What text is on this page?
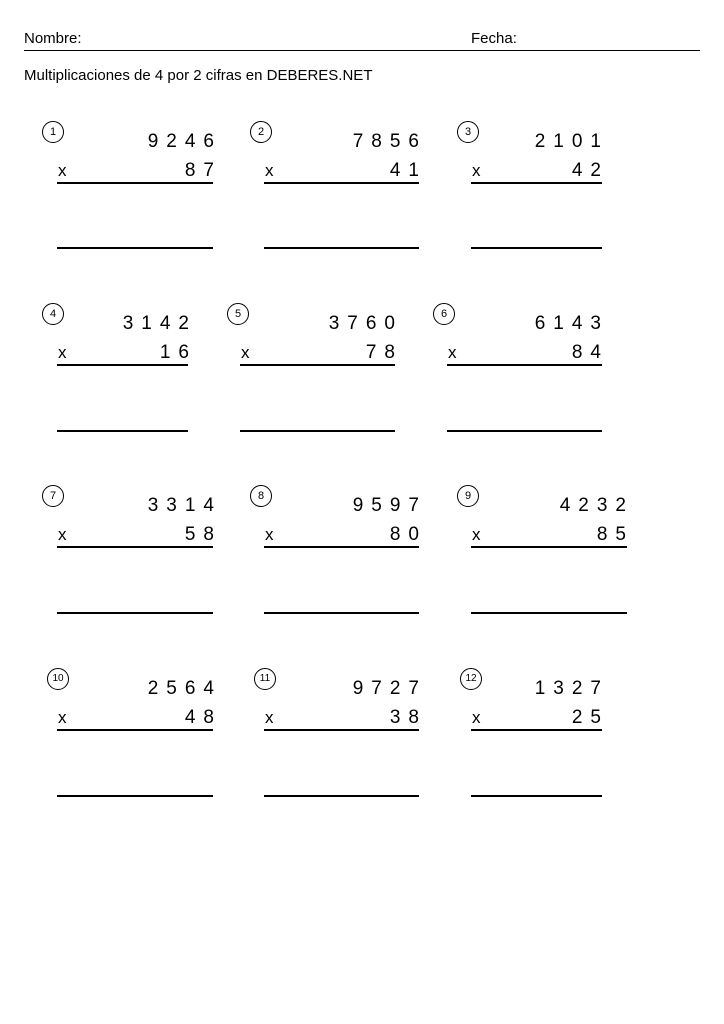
Nombre:	Fecha:
Multiplicaciones de 4 por 2 cifras en DEBERES.NET
1	9246
x	87
2	7856
x	41
3	2101
x	42
4	3142
x	16
5	3760
x	78
6	6143
x	84
7	3314
x	58
8	9597
x	80
9	4232
x	85
10	2564
x	48
11	9727
x	38
12	1327
x	25
